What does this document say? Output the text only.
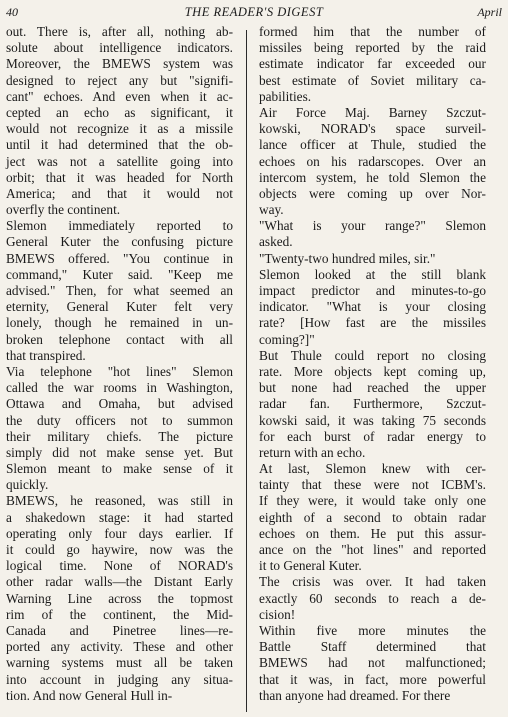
40	THE READER'S DIGEST	April
out. There is, after all, nothing ab-
solute about intelligence indicators.
Moreover, the BMEWS system was
designed to reject any but "signifi-
cant" echoes. And even when it ac-
cepted an echo as significant, it
would not recognize it as a missile
until it had determined that the ob-
ject was not a satellite going into
orbit; that it was headed for North
America; and that it would not
overfly the continent.
Slemon immediately reported to
General Kuter the confusing picture
BMEWS offered. "You continue in
command," Kuter said. "Keep me
advised." Then, for what seemed an
eternity, General Kuter felt very
lonely, though he remained in un-
broken telephone contact with all
that transpired.
Via telephone "hot lines" Slemon
called the war rooms in Washington,
Ottawa and Omaha, but advised
the duty officers not to summon
their military chiefs. The picture
simply did not make sense yet. But
Slemon meant to make sense of it
quickly.
BMEWS, he reasoned, was still in
a shakedown stage: it had started
operating only four days earlier. If
it could go haywire, now was the
logical time. None of NORAD's
other radar walls—the Distant Early
Warning Line across the topmost
rim of the continent, the Mid-
Canada and Pinetree lines—re-
ported any activity. These and other
warning systems must all be taken
into account in judging any situa-
tion. And now General Hull in-
formed him that the number of
missiles being reported by the raid
estimate indicator far exceeded our
best estimate of Soviet military ca-
pabilities.
Air Force Maj. Barney Szczut-
kowski, NORAD's space surveil-
lance officer at Thule, studied the
echoes on his radarscopes. Over an
intercom system, he told Slemon the
objects were coming up over Nor-
way.
"What is your range?" Slemon
asked.
"Twenty-two hundred miles, sir."
Slemon looked at the still blank
impact predictor and minutes-to-go
indicator. "What is your closing
rate? [How fast are the missiles
coming?]"
But Thule could report no closing
rate. More objects kept coming up,
but none had reached the upper
radar fan. Furthermore, Szczut-
kowski said, it was taking 75 seconds
for each burst of radar energy to
return with an echo.
At last, Slemon knew with cer-
tainty that these were not ICBM's.
If they were, it would take only one
eighth of a second to obtain radar
echoes on them. He put this assur-
ance on the "hot lines" and reported
it to General Kuter.
The crisis was over. It had taken
exactly 60 seconds to reach a de-
cision!
Within five more minutes the
Battle Staff determined that
BMEWS had not malfunctioned;
that it was, in fact, more powerful
than anyone had dreamed. For there
